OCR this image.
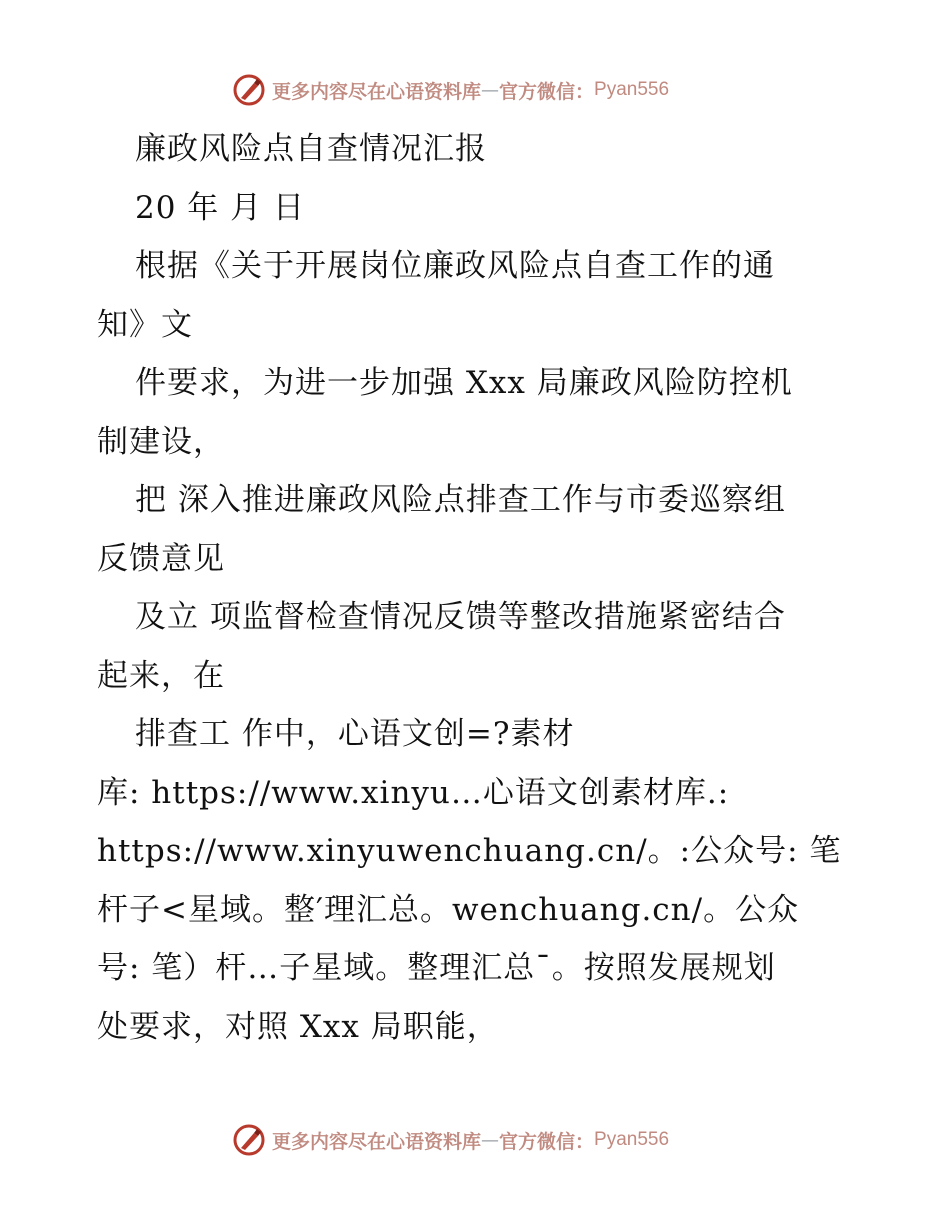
更多内容尽在心语资料库 — 官方微信： Pyan556
廉政风险点自查情况汇报
20 年 月 日
根据《关于开展岗位廉政风险点自查工作的通
知》文
件要求，为进一步加强 Xxx 局廉政风险防控机
制建设，
把 深入推进廉政风险点排查工作与市委巡察组
反馈意见
及立 项监督检查情况反馈等整改措施紧密结合
起来，在
排查工 作中，心语文创=?素材
库: https://www.xinyu…心语文创素材库.:
https://www.xinyuwenchuang.cn/。:公众号: 笔
杆子<星域。整′理汇总。wenchuang.cn/。公众
号: 笔）杆…子星域。整理汇总¯。按照发展规划
处要求，对照 Xxx 局职能，
更多内容尽在心语资料库 — 官方微信： Pyan556
